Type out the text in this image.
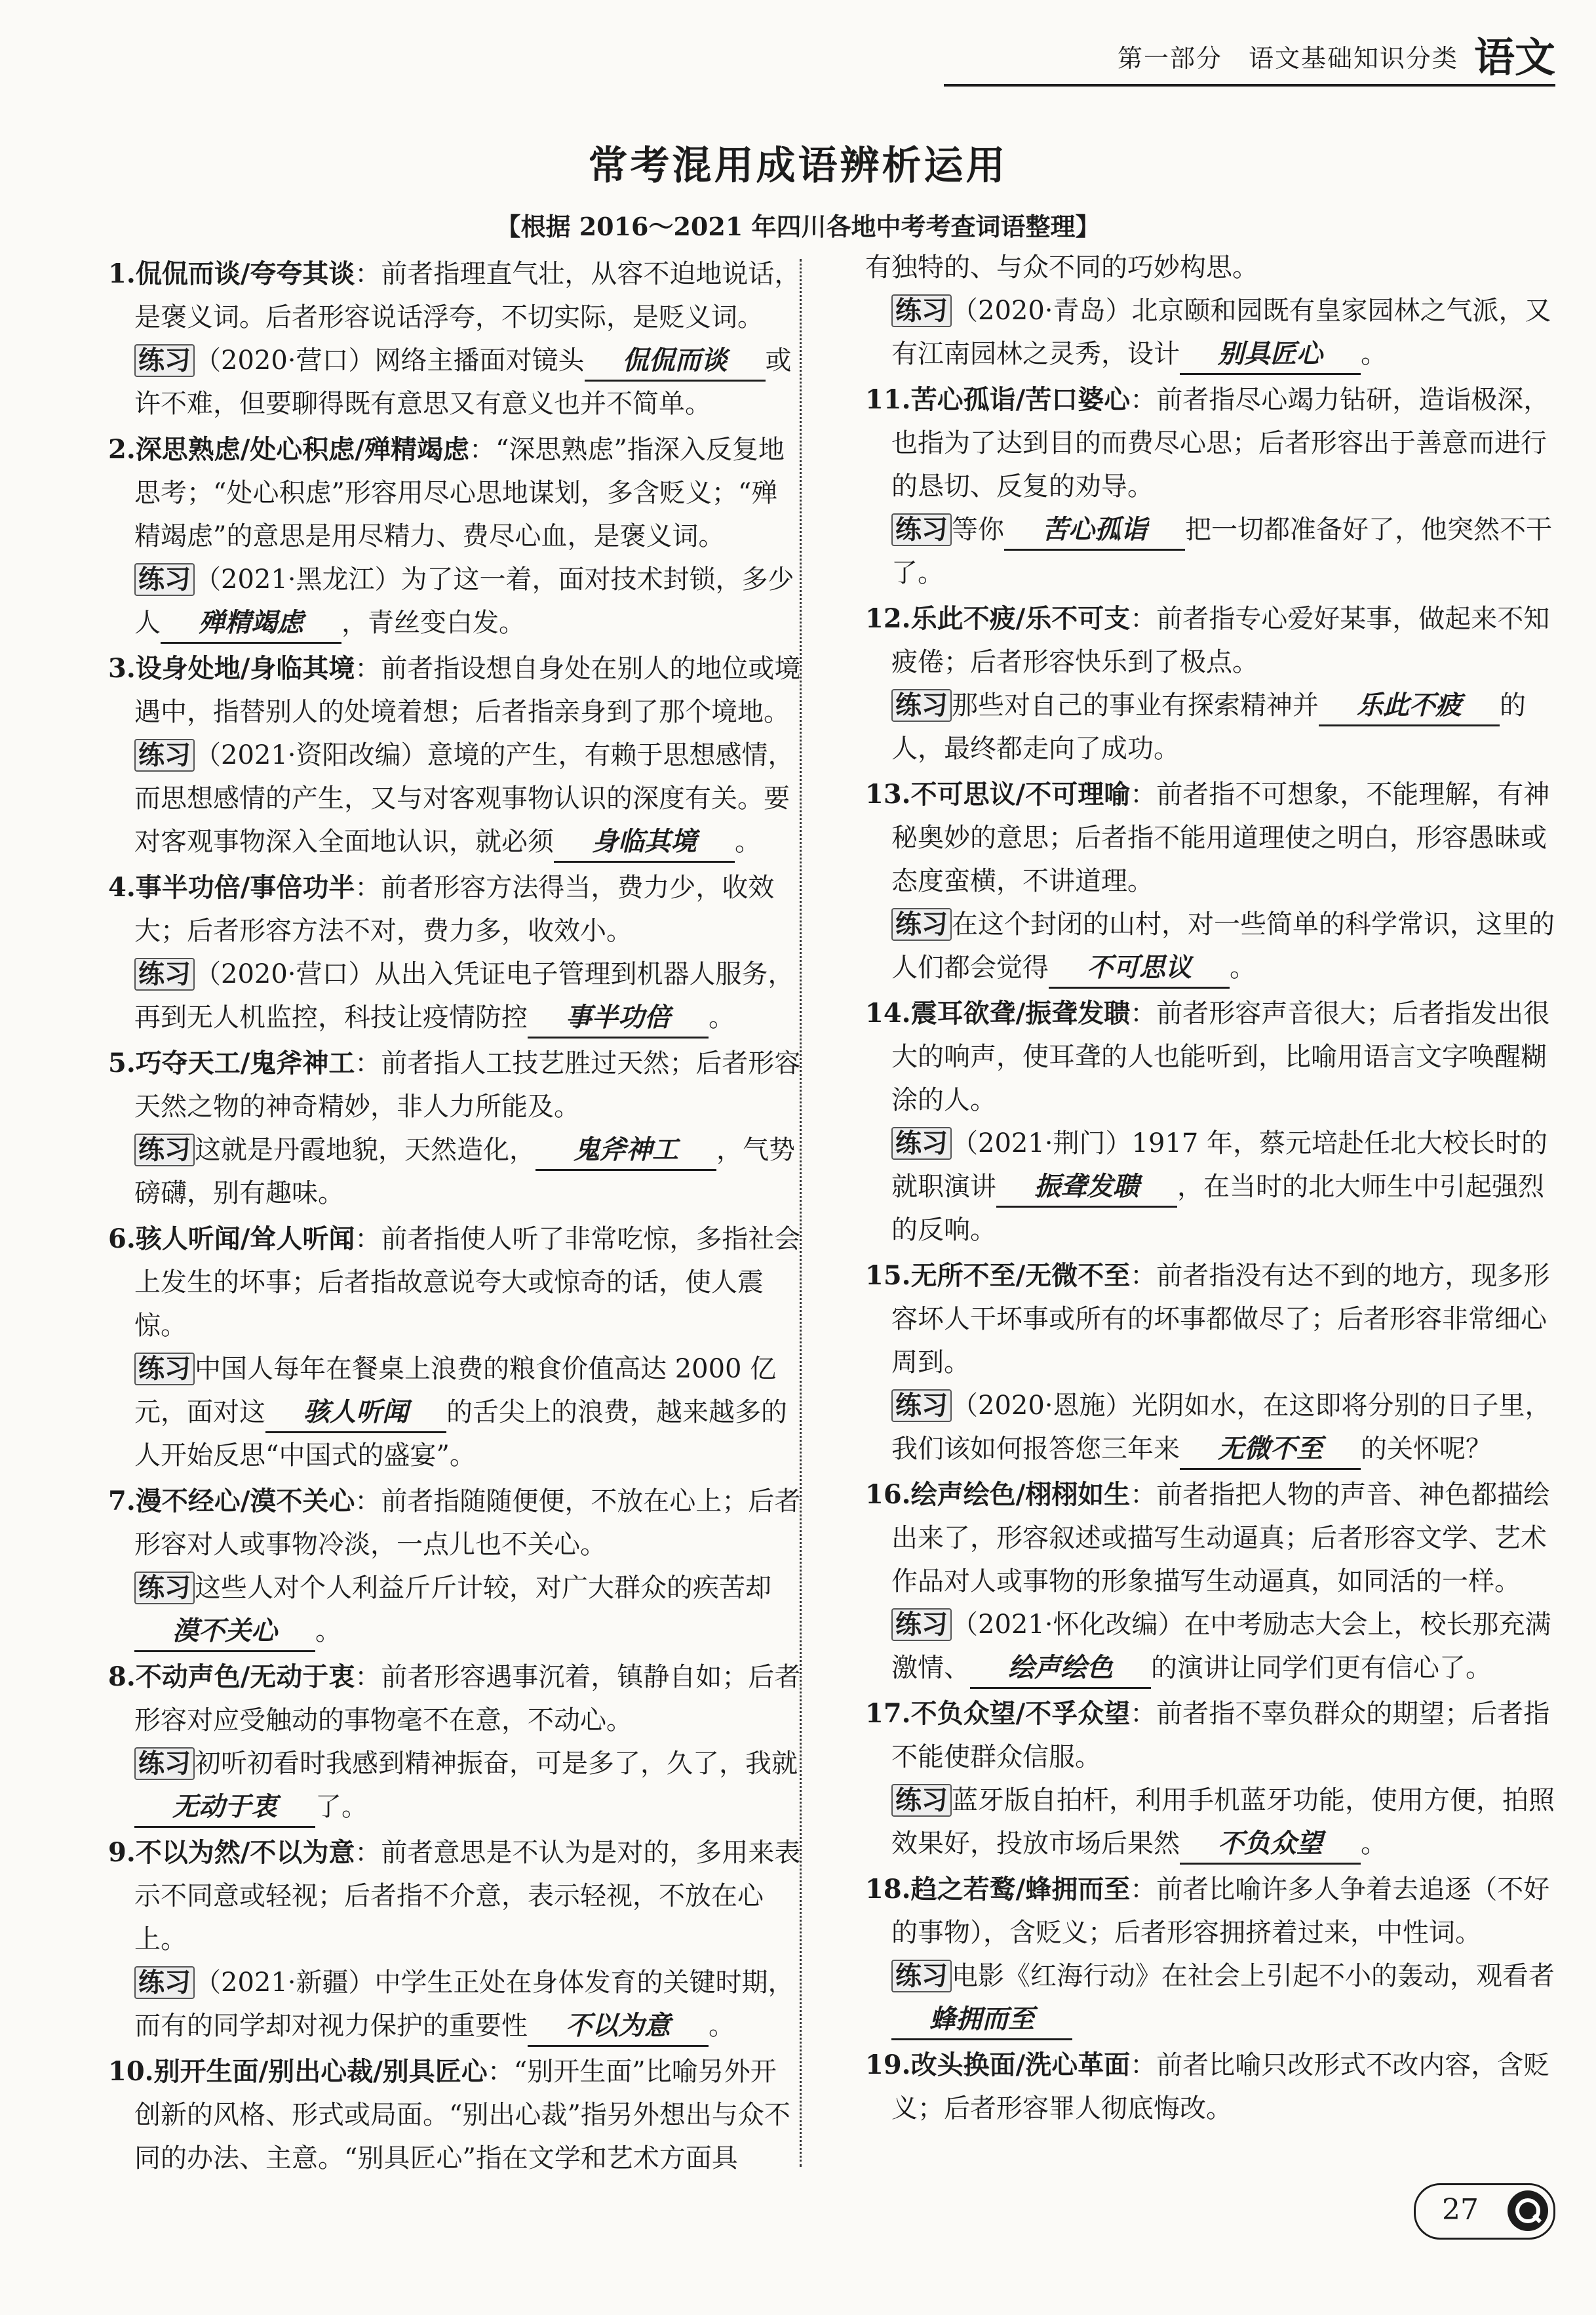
第一部分　语文基础知识分类 语文
常考混用成语辨析运用
【根据 2016～2021 年四川各地中考考查词语整理】
1.侃侃而谈/夸夸其谈：前者指理直气壮，从容不迫地说话，是褒义词。后者形容说话浮夸，不切实际，是贬义词。
练习 （2020·营口）网络主播面对镜头 侃侃而谈 或许不难，但要聊得既有意思又有意义也并不简单。
2.深思熟虑/处心积虑/殚精竭虑：“深思熟虑”指深入反复地思考；“处心积虑”形容用尽心思地谋划，多含贬义；“殚精竭虑”的意思是用尽精力、费尽心血，是褒义词。
练习 （2021·黑龙江）为了这一着，面对技术封锁，多少人 殚精竭虑 ，青丝变白发。
3.设身处地/身临其境：前者指设想自身处在别人的地位或境遇中，指替别人的处境着想；后者指亲身到了那个境地。
练习 （2021·资阳改编）意境的产生，有赖于思想感情，而思想感情的产生，又与对客观事物认识的深度有关。要对客观事物深入全面地认识，就必须 身临其境 。
4.事半功倍/事倍功半：前者形容方法得当，费力少，收效大；后者形容方法不对，费力多，收效小。
练习 （2020·营口）从出入凭证电子管理到机器人服务，再到无人机监控，科技让疫情防控 事半功倍 。
5.巧夺天工/鬼斧神工：前者指人工技艺胜过天然；后者形容天然之物的神奇精妙，非人力所能及。
练习 这就是丹霞地貌，天然造化， 鬼斧神工 ，气势磅礴，别有趣味。
6.骇人听闻/耸人听闻：前者指使人听了非常吃惊，多指社会上发生的坏事；后者指故意说夸大或惊奇的话，使人震惊。
练习 中国人每年在餐桌上浪费的粮食价值高达 2000 亿元，面对这 骇人听闻 的舌尖上的浪费，越来越多的人开始反思“中国式的盛宴”。
7.漫不经心/漠不关心：前者指随随便便，不放在心上；后者形容对人或事物冷淡，一点儿也不关心。
练习 这些人对个人利益斤斤计较，对广大群众的疾苦却漠不关心 。
8.不动声色/无动于衷：前者形容遇事沉着，镇静自如；后者形容对应受触动的事物毫不在意，不动心。
练习 初听初看时我感到精神振奋，可是多了，久了，我就无动于衷 了。
9.不以为然/不以为意：前者意思是不认为是对的，多用来表示不同意或轻视；后者指不介意，表示轻视，不放在心上。
练习 （2021·新疆）中学生正处在身体发育的关键时期，而有的同学却对视力保护的重要性 不以为意 。
10.别开生面/别出心裁/别具匠心：“别开生面”比喻另外开创新的风格、形式或局面。“别出心裁”指另外想出与众不同的办法、主意。“别具匠心”指在文学和艺术方面具
有独特的、与众不同的巧妙构思。
练习 （2020·青岛）北京颐和园既有皇家园林之气派，又有江南园林之灵秀，设计 别具匠心 。
11.苦心孤诣/苦口婆心：前者指尽心竭力钻研，造诣极深，也指为了达到目的而费尽心思；后者形容出于善意而进行的恳切、反复的劝导。
练习 等你 苦心孤诣 把一切都准备好了，他突然不干了。
12.乐此不疲/乐不可支：前者指专心爱好某事，做起来不知疲倦；后者形容快乐到了极点。
练习 那些对自己的事业有探索精神并 乐此不疲 的人，最终都走向了成功。
13.不可思议/不可理喻：前者指不可想象，不能理解，有神秘奥妙的意思；后者指不能用道理使之明白，形容愚昧或态度蛮横，不讲道理。
练习 在这个封闭的山村，对一些简单的科学常识，这里的人们都会觉得 不可思议 。
14.震耳欲聋/振聋发聩：前者形容声音很大；后者指发出很大的响声，使耳聋的人也能听到，比喻用语言文字唤醒糊涂的人。
练习 （2021·荆门）1917 年，蔡元培赴任北大校长时的就职演讲 振聋发聩 ，在当时的北大师生中引起强烈的反响。
15.无所不至/无微不至：前者指没有达不到的地方，现多形容坏人干坏事或所有的坏事都做尽了；后者形容非常细心周到。
练习 （2020·恩施）光阴如水，在这即将分别的日子里，我们该如何报答您三年来 无微不至 的关怀呢？
16.绘声绘色/栩栩如生：前者指把人物的声音、神色都描绘出来了，形容叙述或描写生动逼真；后者形容文学、艺术作品对人或事物的形象描写生动逼真，如同活的一样。
练习 （2021·怀化改编）在中考励志大会上，校长那充满激情、 绘声绘色 的演讲让同学们更有信心了。
17.不负众望/不孚众望：前者指不辜负群众的期望；后者指不能使群众信服。
练习 蓝牙版自拍杆，利用手机蓝牙功能，使用方便，拍照效果好，投放市场后果然 不负众望 。
18.趋之若鹜/蜂拥而至：前者比喻许多人争着去追逐（不好的事物），含贬义；后者形容拥挤着过来，中性词。
练习 电影《红海行动》在社会上引起不小的轰动，观看者蜂拥而至
19.改头换面/洗心革面：前者比喻只改形式不改内容，含贬义；后者形容罪人彻底悔改。
27
